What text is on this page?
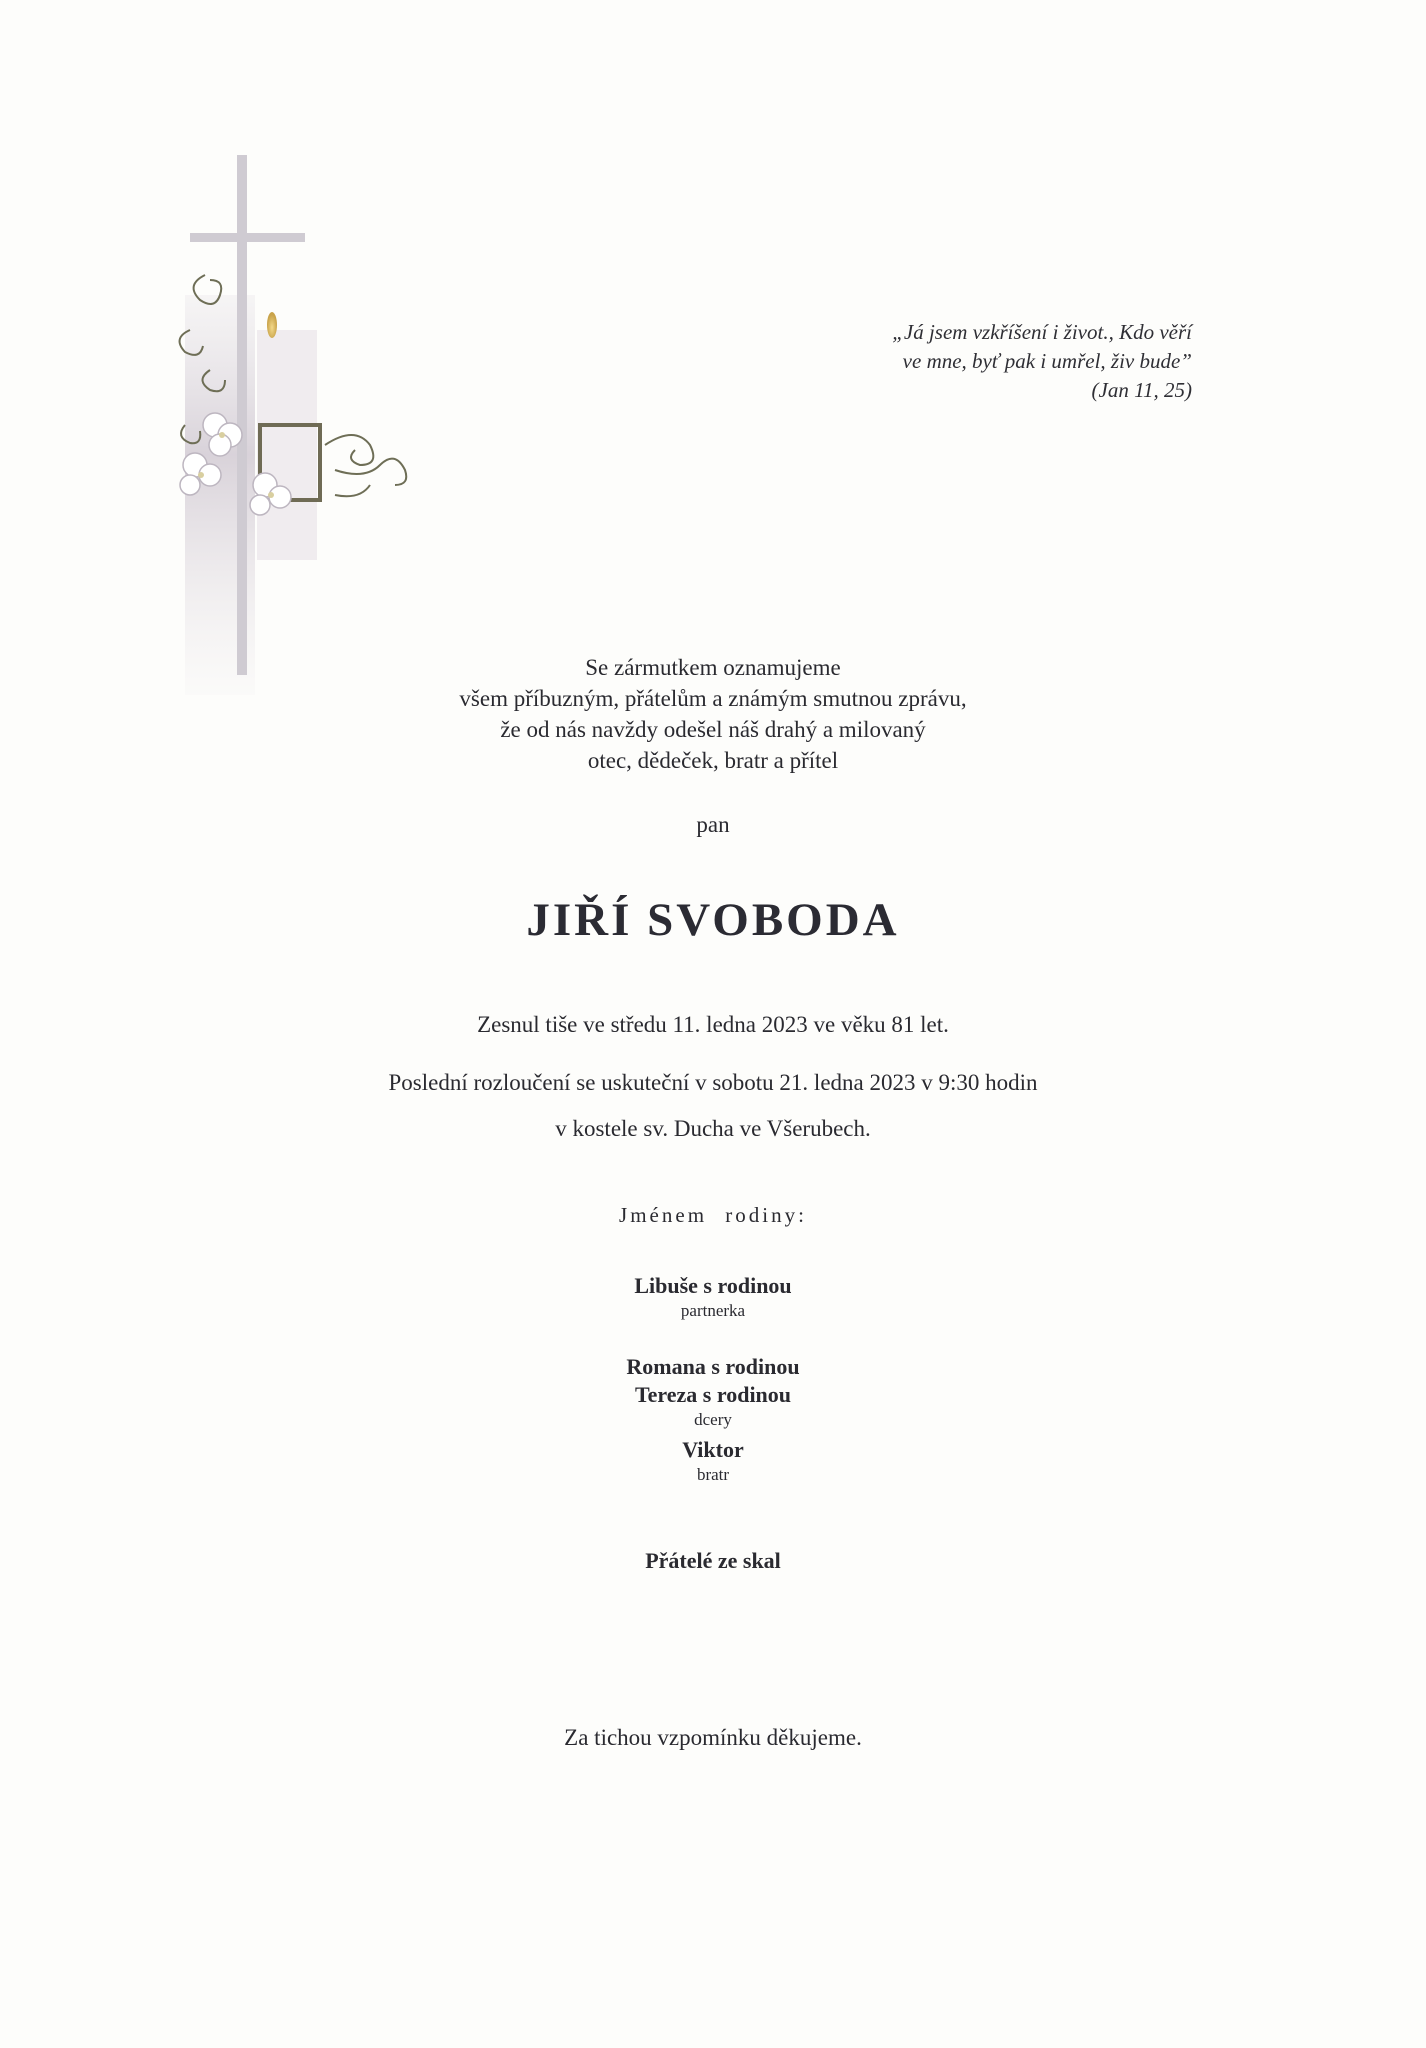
„Já jsem vzkříšení i život., Kdo věří
ve mne, byť pak i umřel, živ bude”
(Jan 11, 25)
Se zármutkem oznamujeme
všem příbuzným, přátelům a známým smutnou zprávu,
že od nás navždy odešel náš drahý a milovaný
otec, dědeček, bratr a přítel
pan
JIŘÍ SVOBODA
Zesnul tiše ve středu 11. ledna 2023 ve věku 81 let.
Poslední rozloučení se uskuteční v sobotu 21. ledna 2023 v 9:30 hodin
v kostele sv. Ducha ve Všerubech.
Jménem rodiny:
Libuše s rodinou
partnerka
Romana s rodinou
Tereza s rodinou
dcery
Viktor
bratr
Přátelé ze skal
Za tichou vzpomínku děkujeme.
